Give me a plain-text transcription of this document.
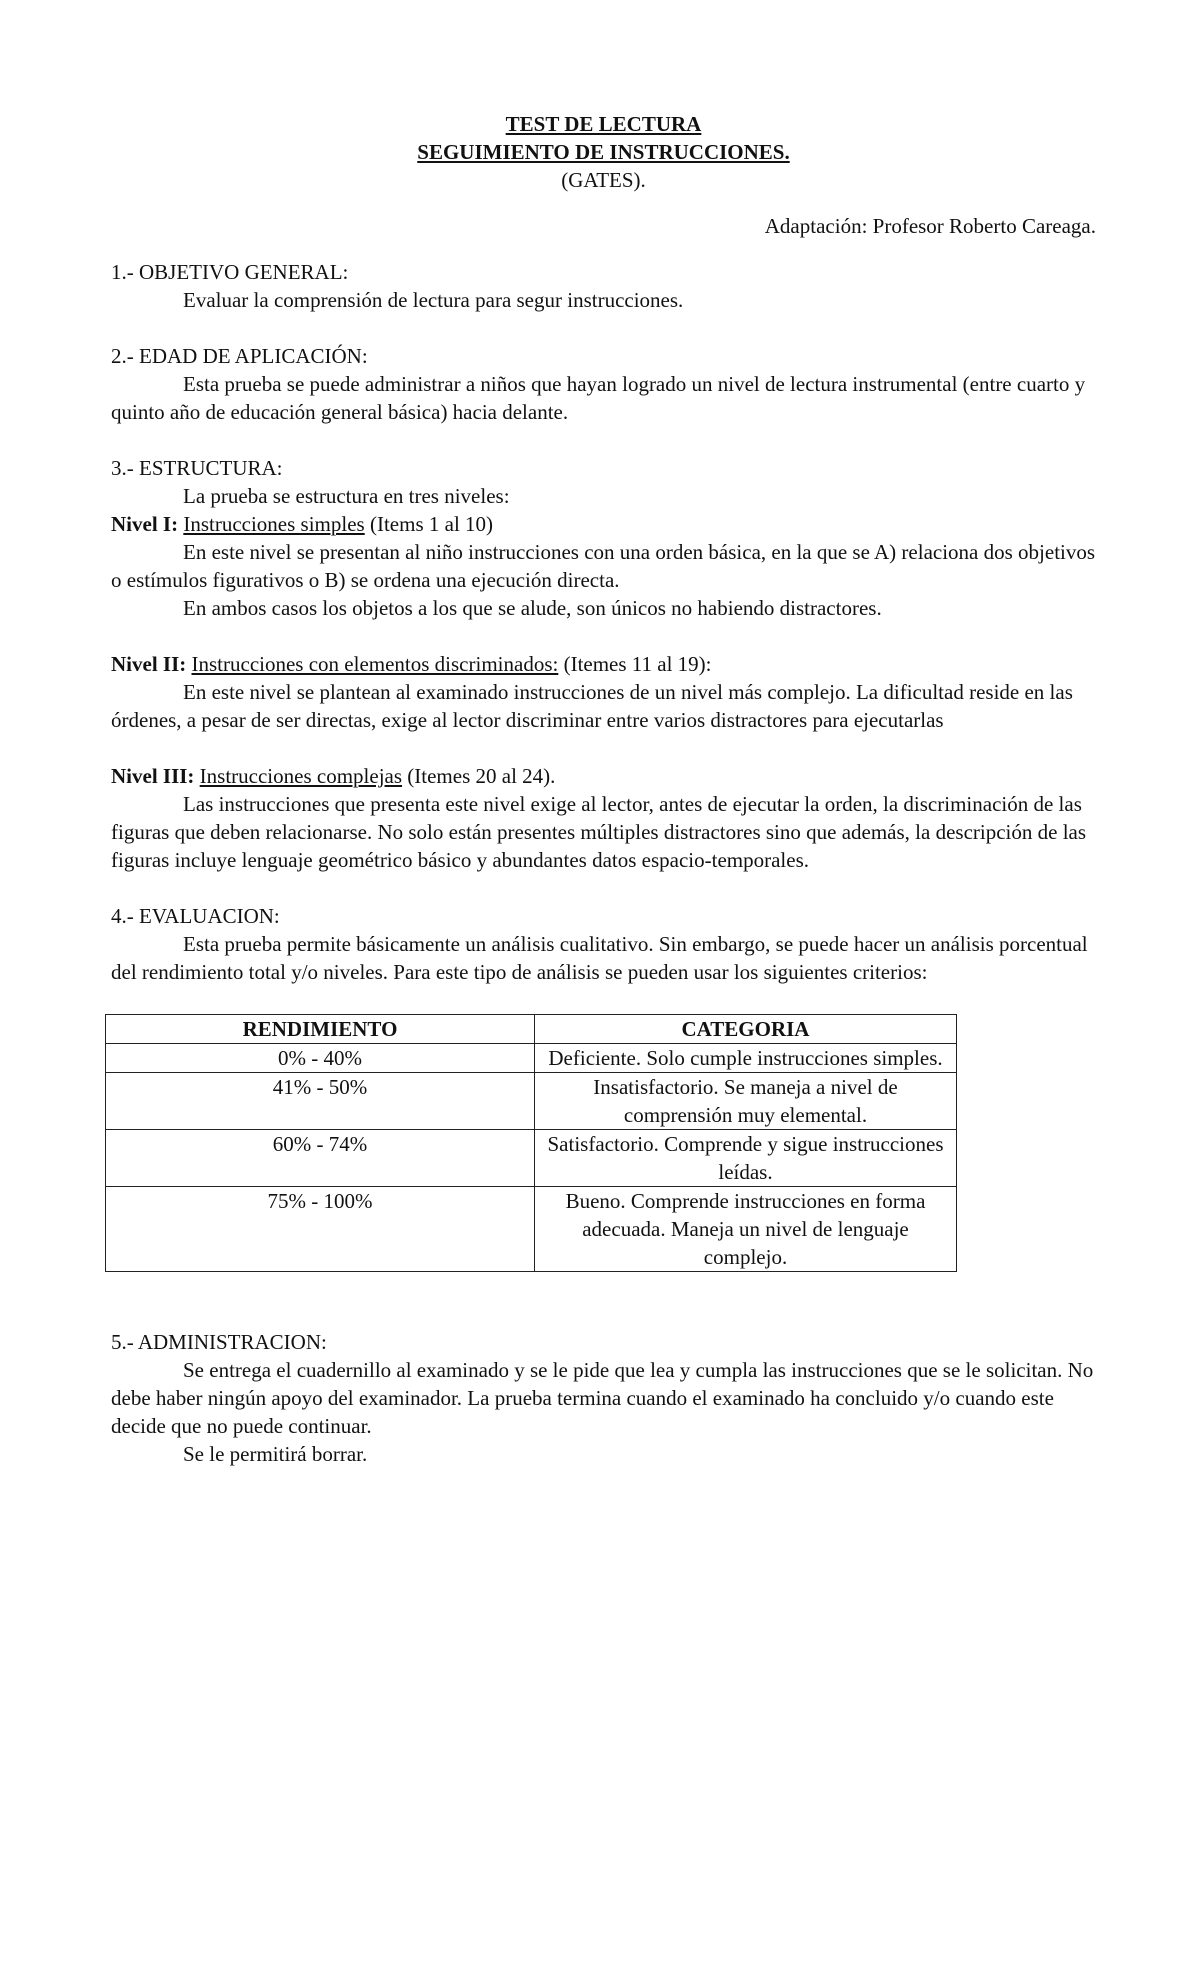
TEST DE LECTURA
SEGUIMIENTO DE INSTRUCCIONES.
(GATES).
Adaptación: Profesor Roberto Careaga.

1.- OBJETIVO GENERAL:

Evaluar la comprensión de lectura para segur instrucciones.

2.- EDAD DE APLICACIÓN:

Esta prueba se puede administrar a niños que hayan logrado un nivel de lectura instrumental (entre cuarto y quinto año de educación general básica) hacia delante.

3.- ESTRUCTURA:

La prueba se estructura en tres niveles:

Nivel I: Instrucciones simples (Items 1 al 10)

En este nivel se presentan al niño instrucciones con una orden básica, en la que se A) relaciona dos objetivos o estímulos figurativos o B) se ordena una ejecución directa.

En ambos casos los objetos a los que se alude, son únicos no habiendo distractores.

Nivel II: Instrucciones con elementos discriminados: (Itemes 11 al 19):

En este nivel se plantean al examinado instrucciones de un nivel más complejo. La dificultad reside en las órdenes, a pesar de ser directas, exige al lector discriminar entre varios distractores para ejecutarlas

Nivel III: Instrucciones complejas (Itemes 20 al 24).

Las instrucciones que presenta este nivel exige al lector, antes de ejecutar la orden, la discriminación de las figuras que deben relacionarse. No solo están presentes múltiples distractores sino que además, la descripción de las figuras incluye lenguaje geométrico básico y abundantes datos espacio-temporales.

4.- EVALUACION:

Esta prueba permite básicamente un análisis cualitativo. Sin embargo, se puede hacer un análisis porcentual del rendimiento total y/o niveles. Para este tipo de análisis se pueden usar los siguientes criterios:

RENDIMIENTO	CATEGORIA
0% - 40%	Deficiente. Solo cumple instrucciones simples.
41% - 50%	Insatisfactorio. Se maneja a nivel de comprensión muy elemental.
60% - 74%	Satisfactorio. Comprende y sigue instrucciones leídas.
75% - 100%	Bueno. Comprende instrucciones en forma adecuada. Maneja un nivel de lenguaje complejo.

5.- ADMINISTRACION:

Se entrega el cuadernillo al examinado y se le pide que lea y cumpla las instrucciones que se le solicitan. No debe haber ningún apoyo del examinador. La prueba termina cuando el examinado ha concluido y/o cuando este decide que no puede continuar.

Se le permitirá borrar.
